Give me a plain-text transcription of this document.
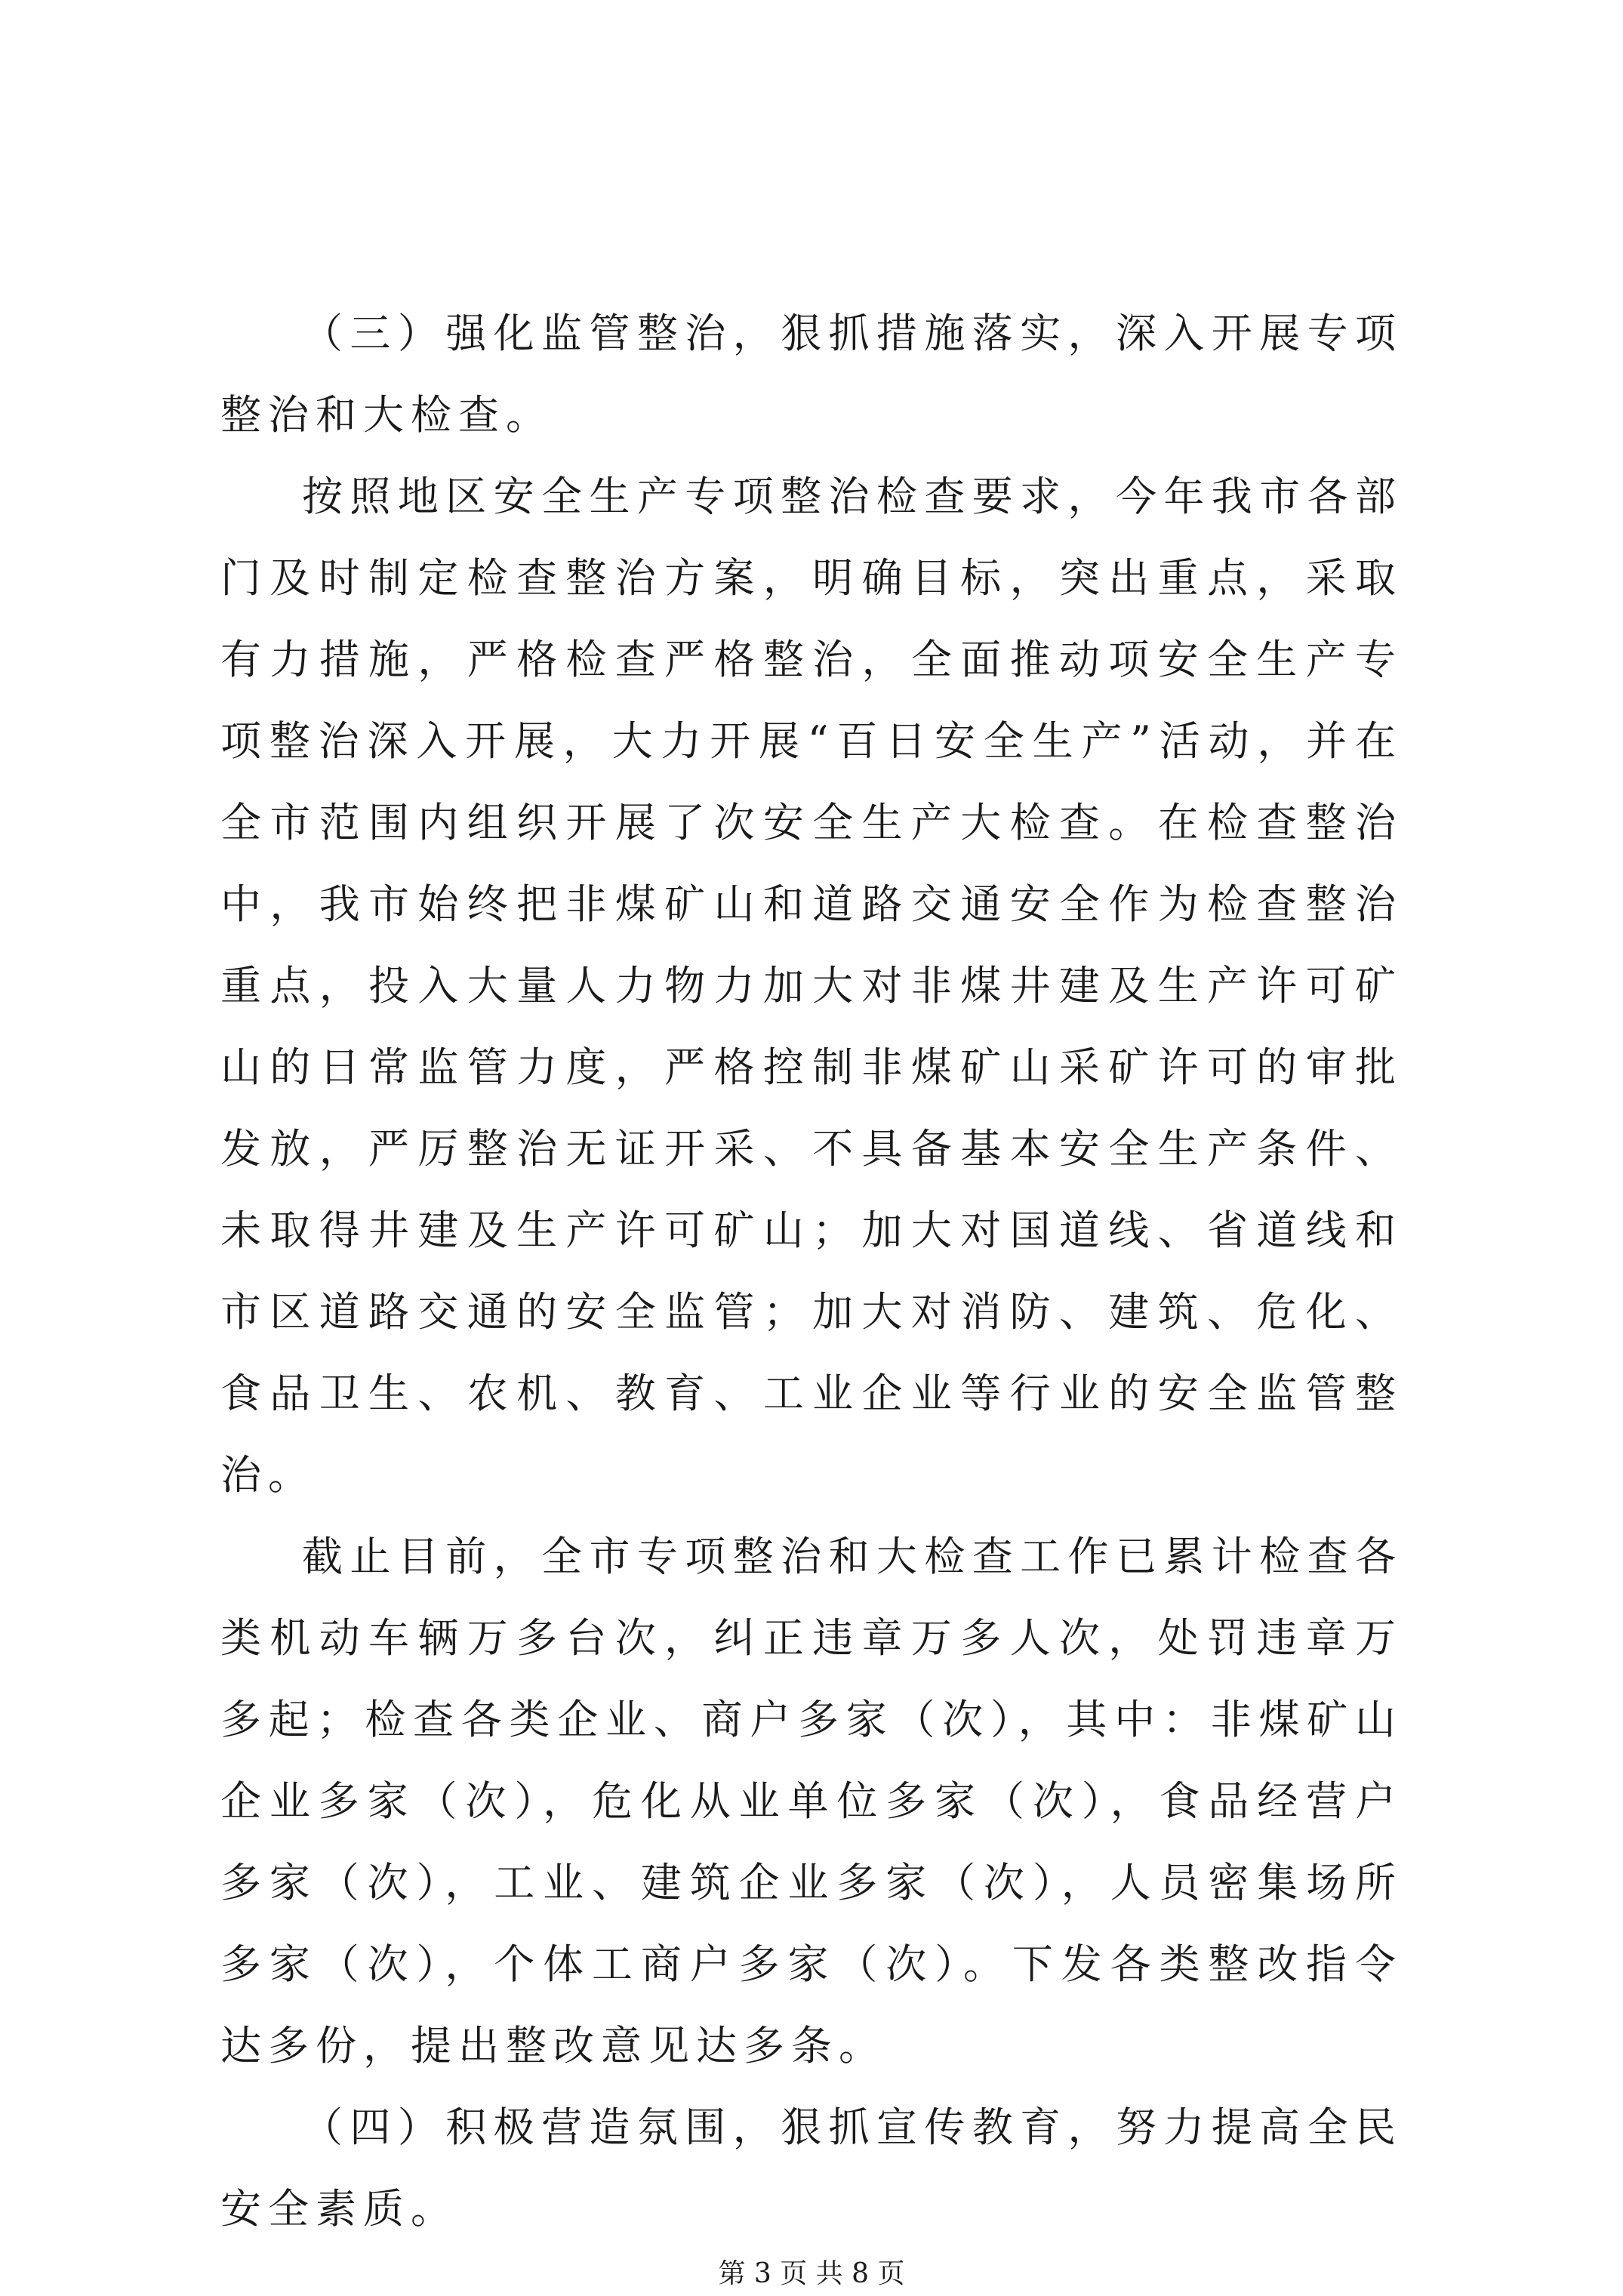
（三）强化监管整治，狠抓措施落实，深入开展专项整治和大检查。

按照地区安全生产专项整治检查要求，今年我市各部门及时制定检查整治方案，明确目标，突出重点，采取有力措施，严格检查严格整治，全面推动项安全生产专项整治深入开展，大力开展“百日安全生产”活动，并在全市范围内组织开展了次安全生产大检查。在检查整治中，我市始终把非煤矿山和道路交通安全作为检查整治重点，投入大量人力物力加大对非煤井建及生产许可矿山的日常监管力度，严格控制非煤矿山采矿许可的审批发放，严厉整治无证开采、不具备基本安全生产条件、未取得井建及生产许可矿山；加大对国道线、省道线和市区道路交通的安全监管；加大对消防、建筑、危化、食品卫生、农机、教育、工业企业等行业的安全监管整治。

截止目前，全市专项整治和大检查工作已累计检查各类机动车辆万多台次，纠正违章万多人次，处罚违章万多起；检查各类企业、商户多家（次），其中：非煤矿山企业多家（次），危化从业单位多家（次），食品经营户多家（次），工业、建筑企业多家（次），人员密集场所多家（次），个体工商户多家（次）。下发各类整改指令达多份，提出整改意见达多条。

（四）积极营造氛围，狠抓宣传教育，努力提高全民安全素质。

第 3 页 共 8 页
